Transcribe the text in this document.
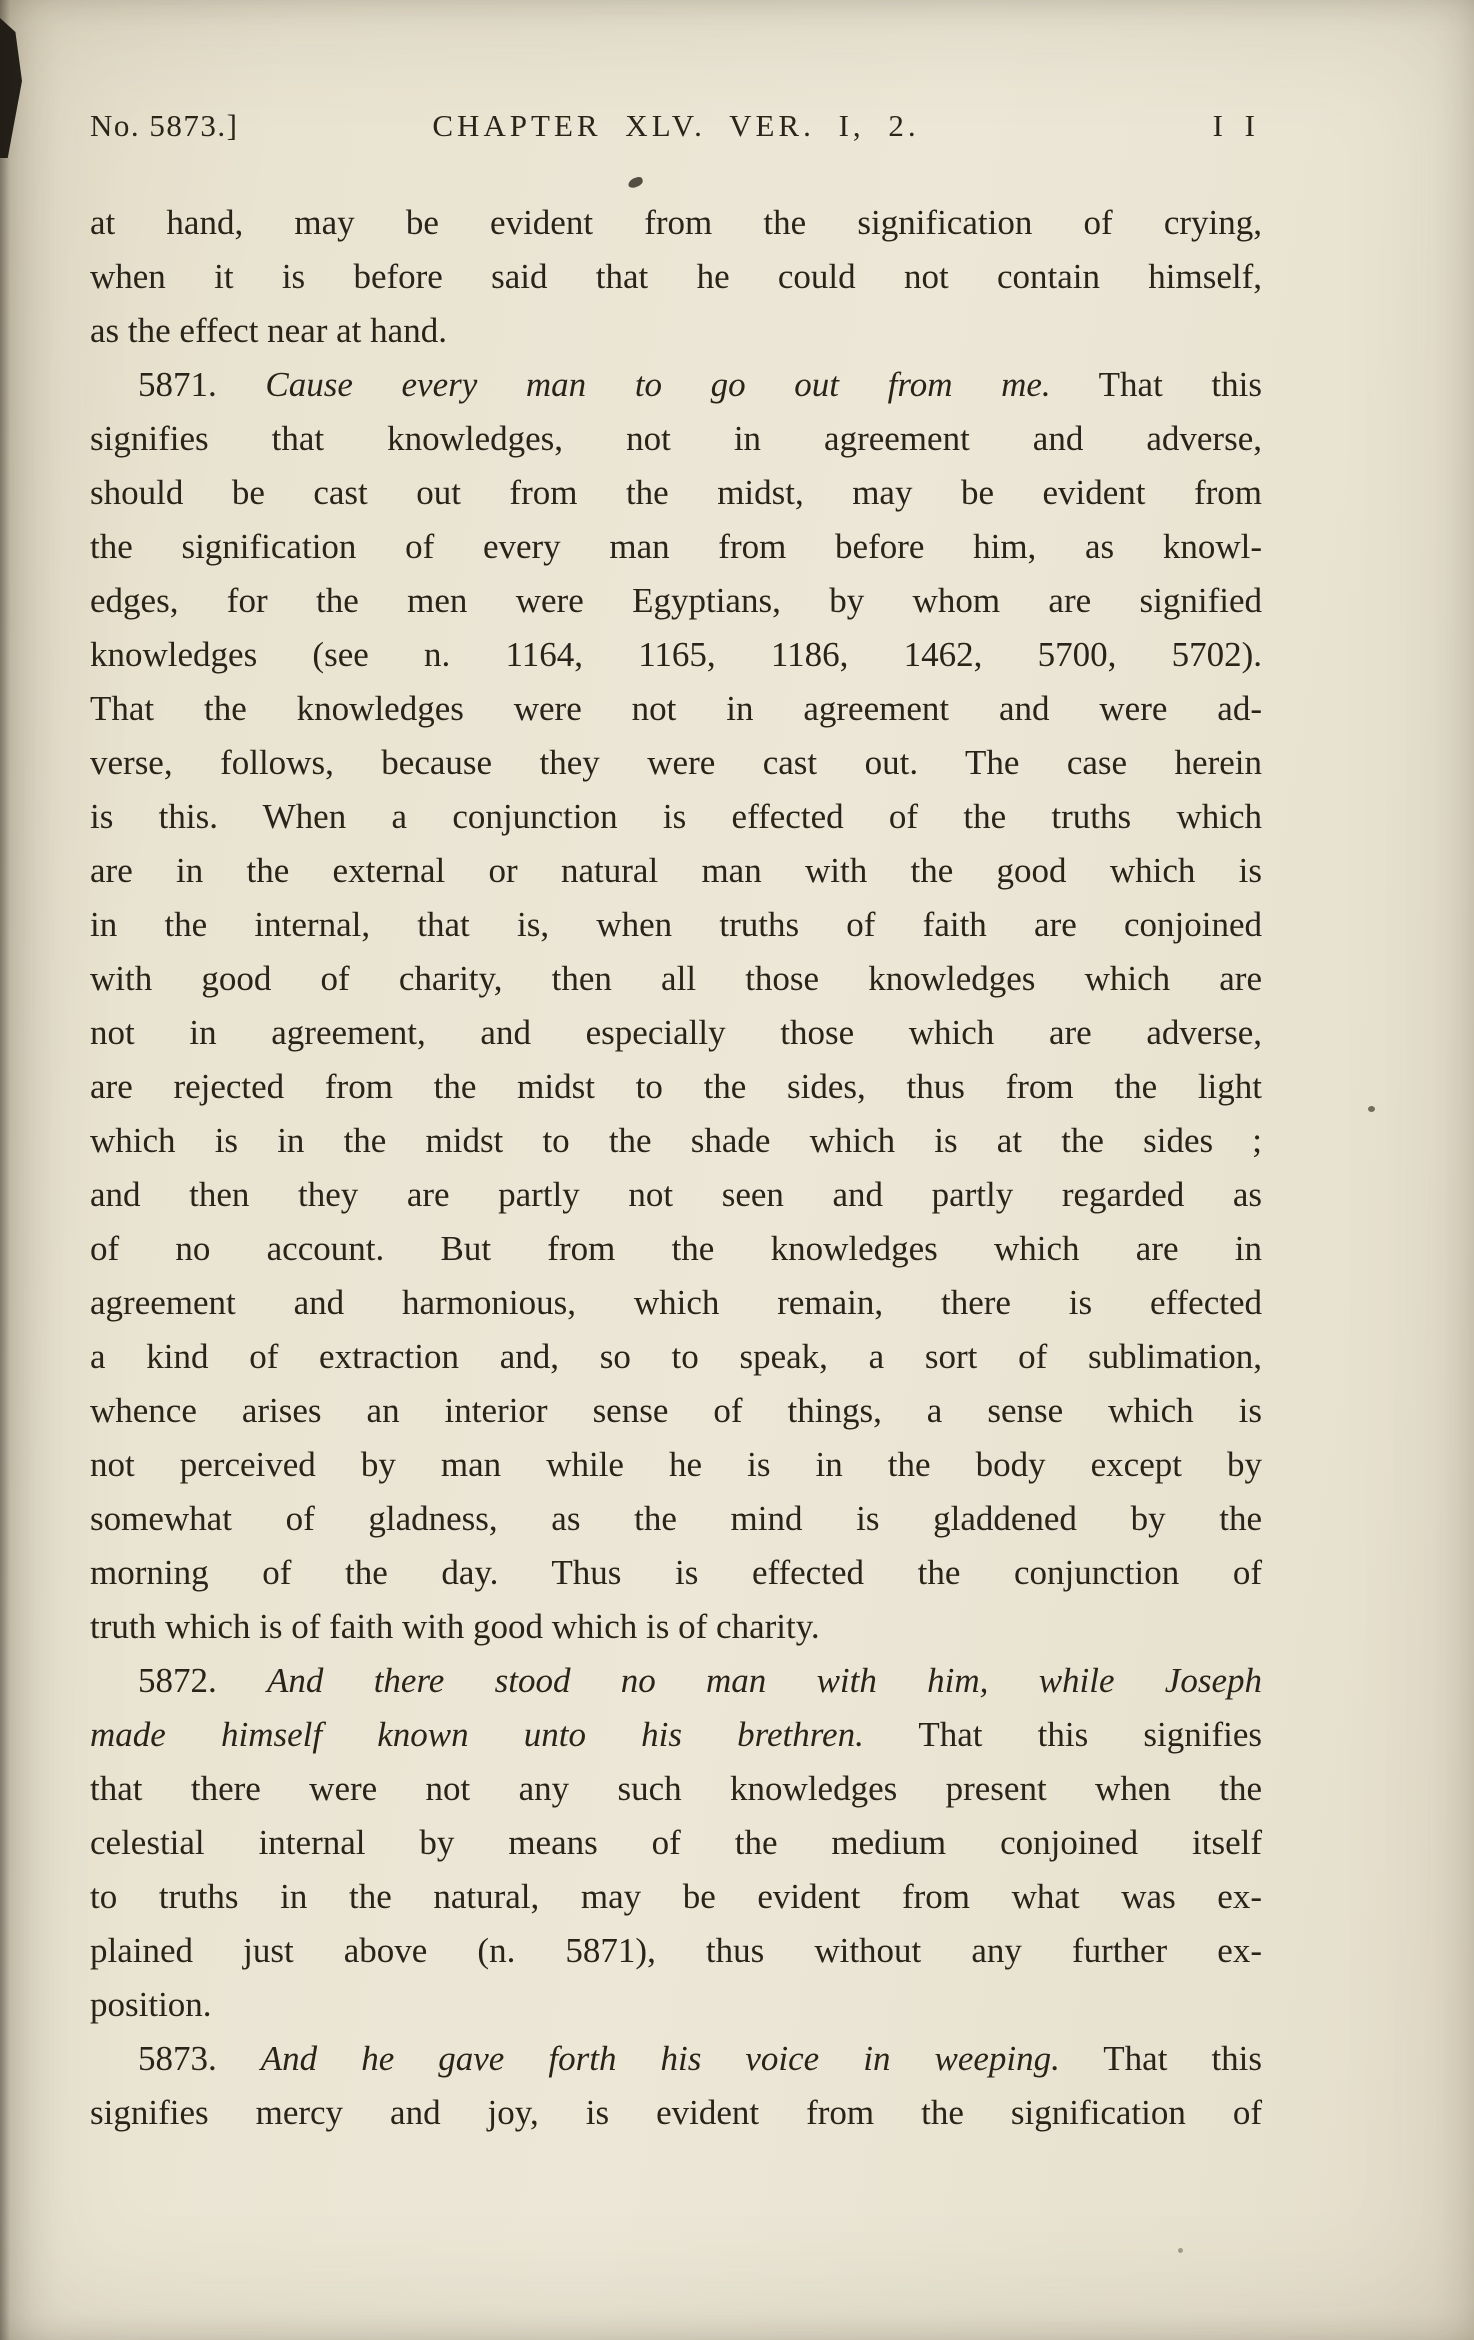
No. 5873.]	CHAPTER XLV. VER. I, 2.	I I
at hand, may be evident from the signification of crying,
when it is before said that he could not contain himself,
as the effect near at hand.
5871. Cause every man to go out from me. That this
signifies that knowledges, not in agreement and adverse,
should be cast out from the midst, may be evident from
the signification of every man from before him, as knowl-
edges, for the men were Egyptians, by whom are signified
knowledges (see n. 1164, 1165, 1186, 1462, 5700, 5702).
That the knowledges were not in agreement and were ad-
verse, follows, because they were cast out. The case herein
is this. When a conjunction is effected of the truths which
are in the external or natural man with the good which is
in the internal, that is, when truths of faith are conjoined
with good of charity, then all those knowledges which are
not in agreement, and especially those which are adverse,
are rejected from the midst to the sides, thus from the light
which is in the midst to the shade which is at the sides ;
and then they are partly not seen and partly regarded as
of no account. But from the knowledges which are in
agreement and harmonious, which remain, there is effected
a kind of extraction and, so to speak, a sort of sublimation,
whence arises an interior sense of things, a sense which is
not perceived by man while he is in the body except by
somewhat of gladness, as the mind is gladdened by the
morning of the day. Thus is effected the conjunction of
truth which is of faith with good which is of charity.
5872. And there stood no man with him, while Joseph
made himself known unto his brethren. That this signifies
that there were not any such knowledges present when the
celestial internal by means of the medium conjoined itself
to truths in the natural, may be evident from what was ex-
plained just above (n. 5871), thus without any further ex-
position.
5873. And he gave forth his voice in weeping. That this
signifies mercy and joy, is evident from the signification of
